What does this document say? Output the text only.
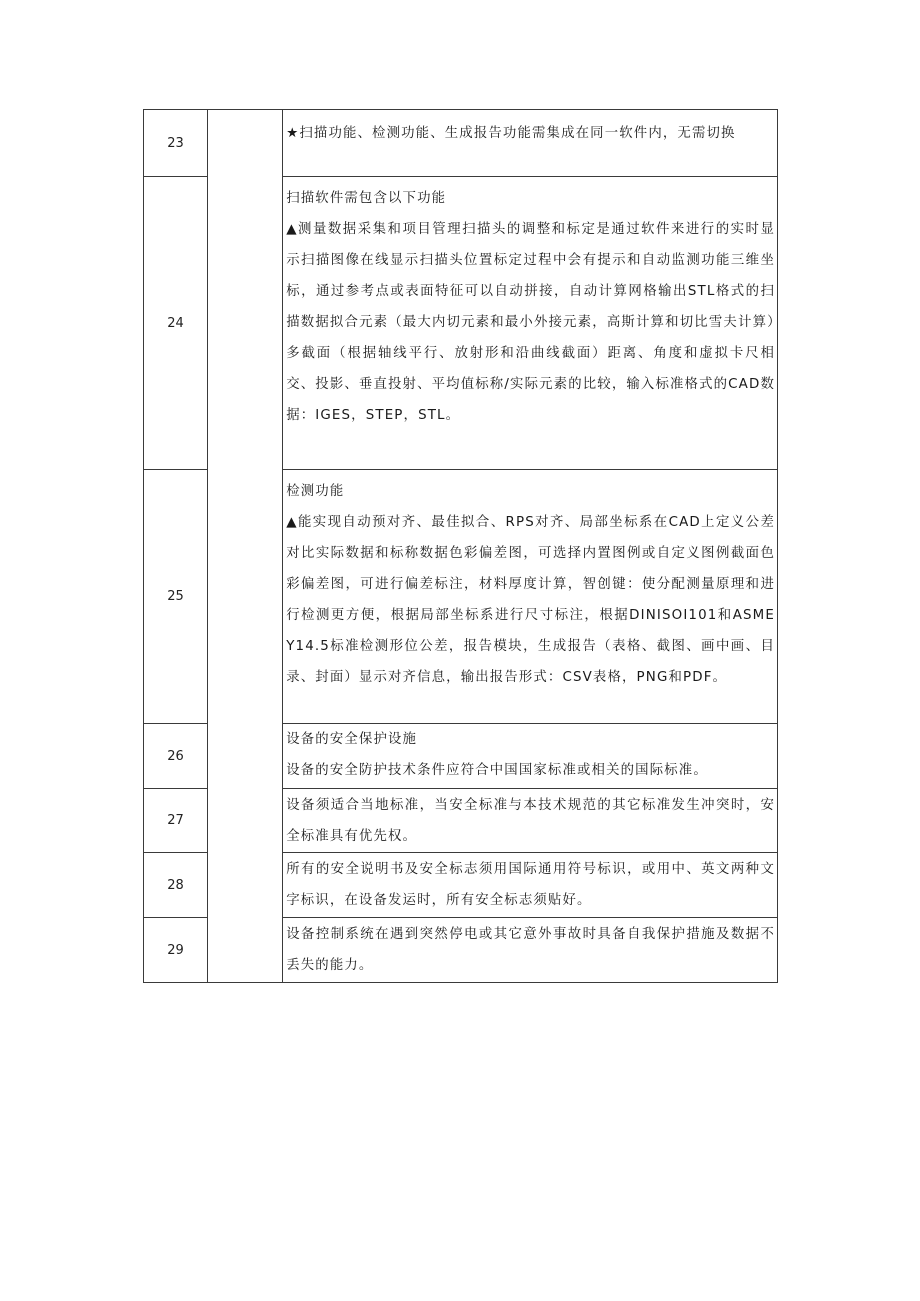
23		★扫描功能、检测功能、生成报告功能需集成在同一软件内，无需切换

24		扫描软件需包含以下功能

▲测量数据采集和项目管理扫描头的调整和标定是通过软件来进行的实时显示扫描图像在线显示扫描头位置标定过程中会有提示和自动监测功能三维坐标，通过参考点或表面特征可以自动拼接，自动计算网格输出STL格式的扫描数据拟合元素（最大内切元素和最小外接元素，高斯计算和切比雪夫计算）多截面（根据轴线平行、放射形和沿曲线截面）距离、角度和虚拟卡尺相交、投影、垂直投射、平均值标称/实际元素的比较，输入标准格式的CAD数据：IGES，STEP，STL。

25		检测功能

▲能实现自动预对齐、最佳拟合、RPS对齐、局部坐标系在CAD上定义公差对比实际数据和标称数据色彩偏差图，可选择内置图例或自定义图例截面色彩偏差图，可进行偏差标注，材料厚度计算，智创键：使分配测量原理和进行检测更方便，根据局部坐标系进行尺寸标注，根据DINISOI101和ASMEY14.5标准检测形位公差，报告模块，生成报告（表格、截图、画中画、目录、封面）显示对齐信息，输出报告形式：CSV表格，PNG和PDF。

26		设备的安全保护设施

设备的安全防护技术条件应符合中国国家标准或相关的国际标准。

27		设备须适合当地标准，当安全标准与本技术规范的其它标准发生冲突时，安全标准具有优先权。

28		所有的安全说明书及安全标志须用国际通用符号标识，或用中、英文两种文字标识，在设备发运时，所有安全标志须贴好。

29		设备控制系统在遇到突然停电或其它意外事故时具备自我保护措施及数据不丢失的能力。
